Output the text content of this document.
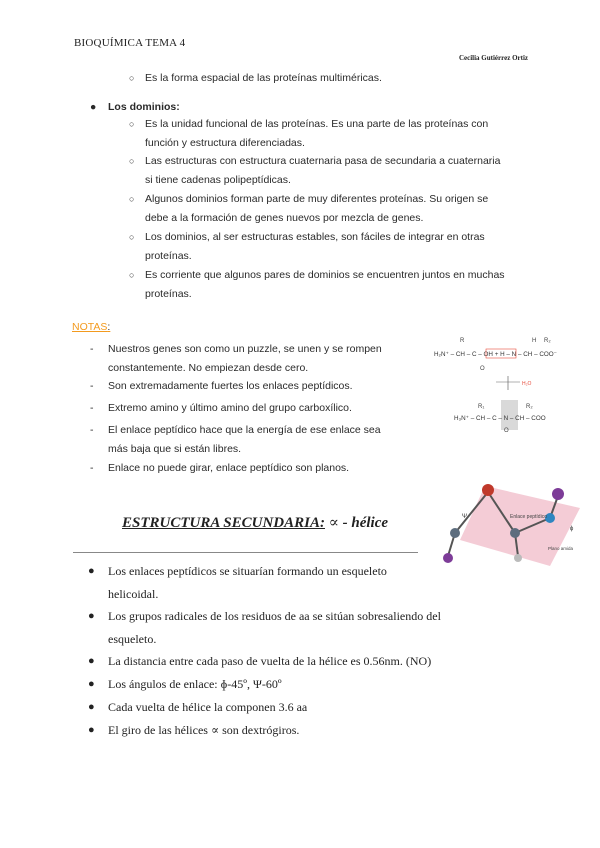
BIOQUÍMICA TEMA 4
Cecilia Gutiérrez Ortiz
○ Es la forma espacial de las proteínas multiméricas.
● Los dominios:
○ Es la unidad funcional de las proteínas. Es una parte de las proteínas con
función y estructura diferenciadas.
○ Las estructuras con estructura cuaternaria pasa de secundaria a cuaternaria
si tiene cadenas polipeptídicas.
○ Algunos dominios forman parte de muy diferentes proteínas. Su origen se
debe a la formación de genes nuevos por mezcla de genes.
○ Los dominios, al ser estructuras estables, son fáciles de integrar en otras
proteínas.
○ Es corriente que algunos pares de dominios se encuentren juntos en muchas
proteínas.
NOTAS:
- Nuestros genes son como un puzzle, se unen y se rompen
constantemente. No empiezan desde cero.
- Son extremadamente fuertes los enlaces peptídicos.
- Extremo amino y último amino del grupo carboxílico.
- El enlace peptídico hace que la energía de ese enlace sea
más baja que si están libres.
- Enlace no puede girar, enlace peptídico son planos.
R	H R₂
H₂N⁺ – CH – C – OH + H – N – CH – COO⁻
O
H₂O
R₁	R₂
H₃N⁺ – CH – C – N – CH – COO
O
ESTRUCTURA SECUNDARIA: ∝ - hélice	Enlace peptídico
Plano amida
Ψ
ɸ
● Los enlaces peptídicos se situarían formando un esqueleto
helicoidal.
● Los grupos radicales de los residuos de aa se sitúan sobresaliendo del
esqueleto.
● La distancia entre cada paso de vuelta de la hélice es 0.56nm. (NO)
● Los ángulos de enlace: ɸ-45º, Ψ-60º
● Cada vuelta de hélice la componen 3.6 aa
● El giro de las hélices ∝ son dextrógiros.
